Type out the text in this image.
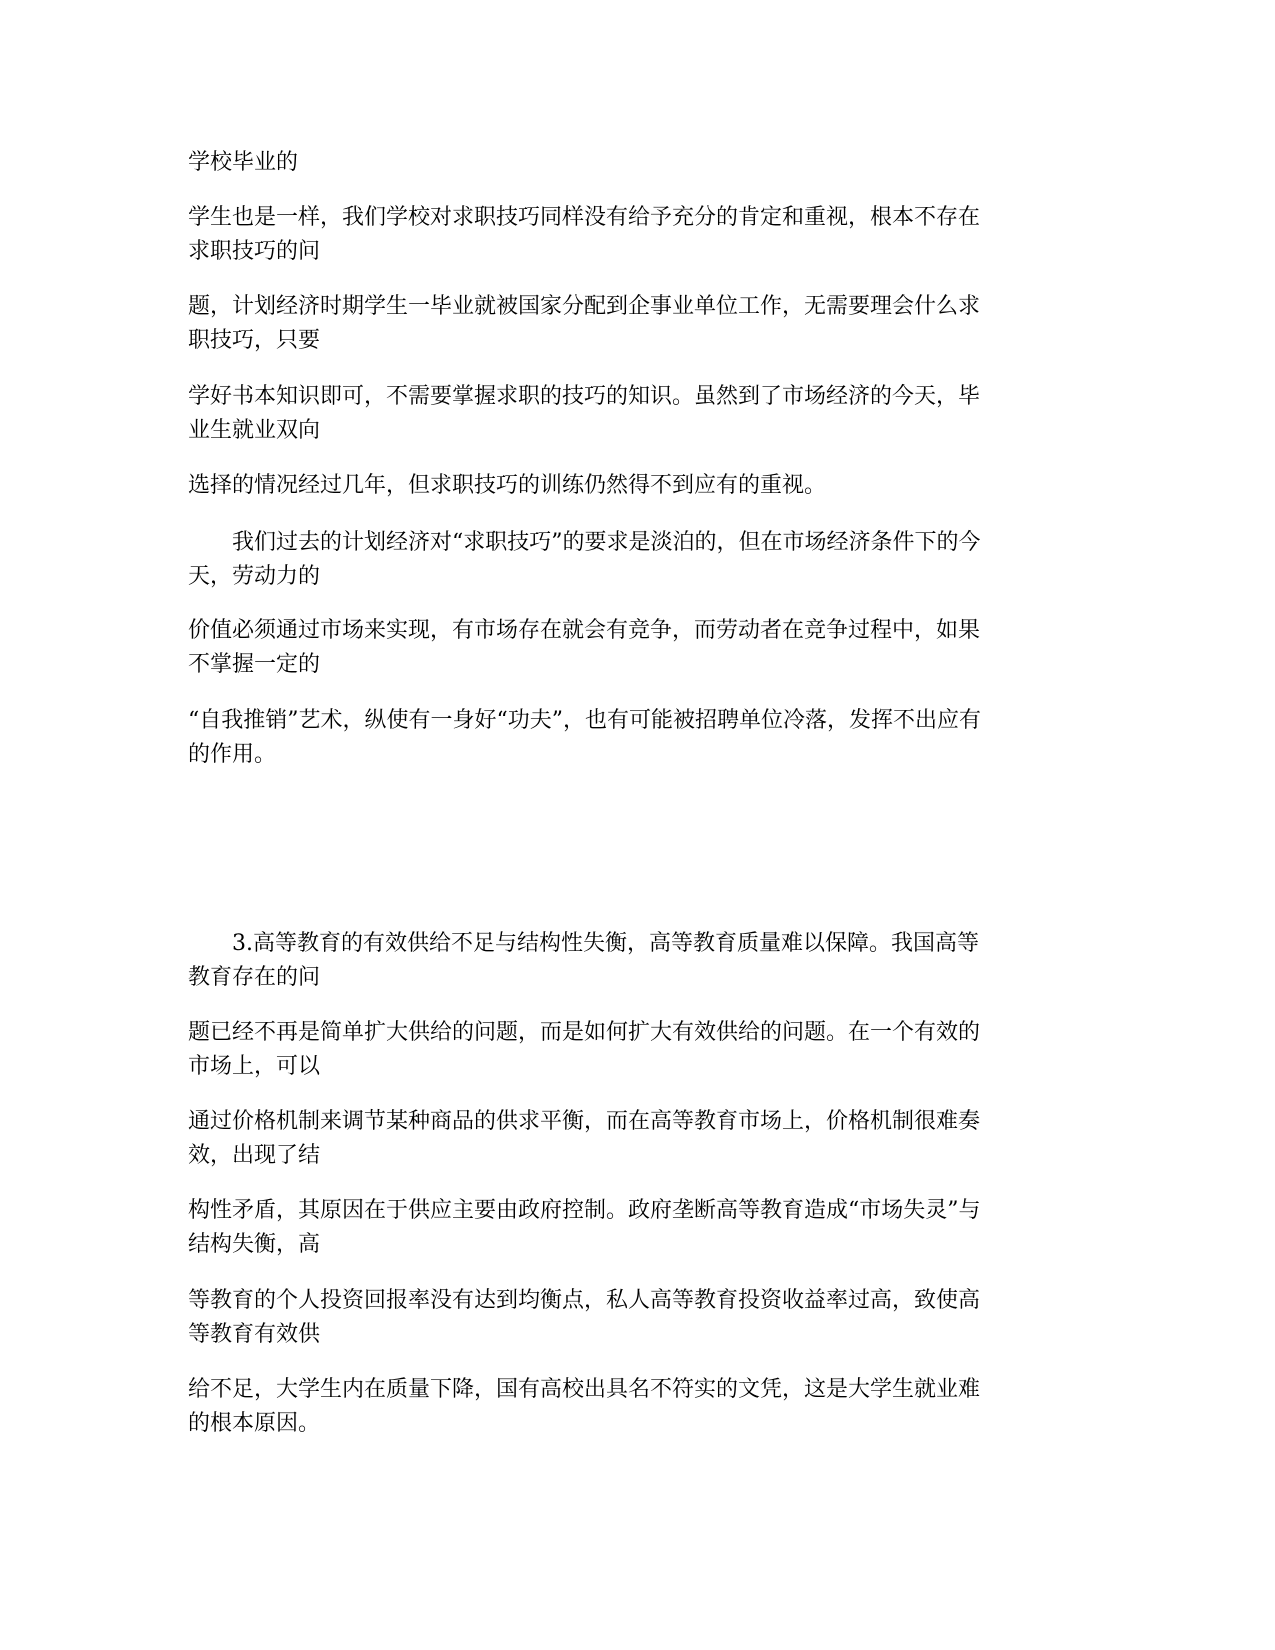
学校毕业的

学生也是一样，我们学校对求职技巧同样没有给予充分的肯定和重视，根本不存在
求职技巧的问

题，计划经济时期学生一毕业就被国家分配到企事业单位工作，无需要理会什么求
职技巧，只要

学好书本知识即可，不需要掌握求职的技巧的知识。虽然到了市场经济的今天，毕
业生就业双向

选择的情况经过几年，但求职技巧的训练仍然得不到应有的重视。

　　我们过去的计划经济对“求职技巧”的要求是淡泊的，但在市场经济条件下的今
天，劳动力的

价值必须通过市场来实现，有市场存在就会有竞争，而劳动者在竞争过程中，如果
不掌握一定的

“自我推销”艺术，纵使有一身好“功夫”，也有可能被招聘单位冷落，发挥不出应有
的作用。

　　3.高等教育的有效供给不足与结构性失衡，高等教育质量难以保障。我国高等
教育存在的问

题已经不再是简单扩大供给的问题，而是如何扩大有效供给的问题。在一个有效的
市场上，可以

通过价格机制来调节某种商品的供求平衡，而在高等教育市场上，价格机制很难奏
效，出现了结

构性矛盾，其原因在于供应主要由政府控制。政府垄断高等教育造成“市场失灵”与
结构失衡，高

等教育的个人投资回报率没有达到均衡点，私人高等教育投资收益率过高，致使高
等教育有效供

给不足，大学生内在质量下降，国有高校出具名不符实的文凭，这是大学生就业难
的根本原因。
